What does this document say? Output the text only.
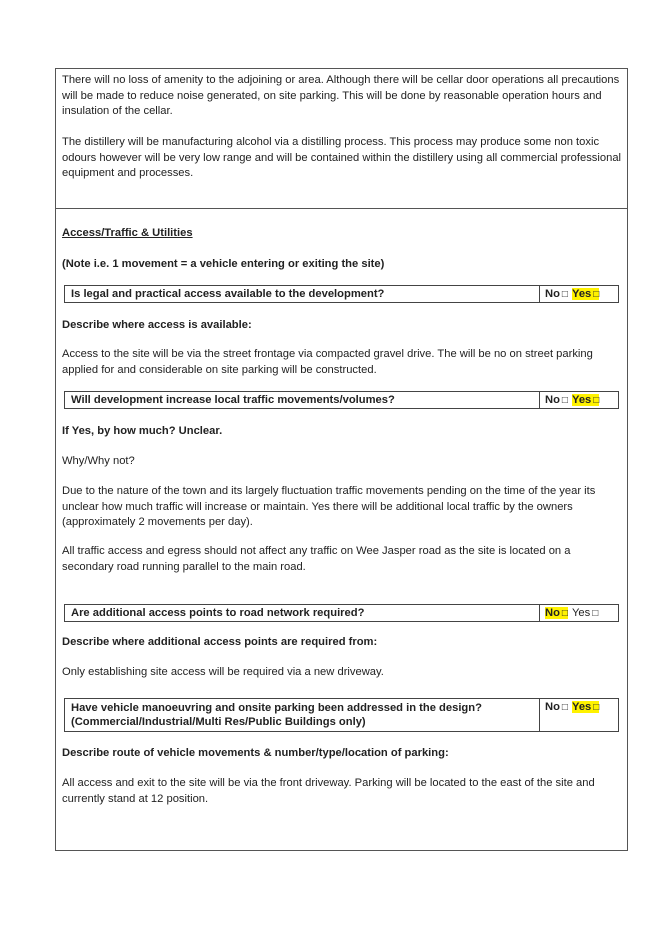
There will no loss of amenity to the adjoining or area. Although there will be cellar door operations all precautions will be made to reduce noise generated, on site parking. This will be done by reasonable operation hours and insulation of the cellar.

The distillery will be manufacturing alcohol via a distilling process. This process may produce some non toxic odours however will be very low range and will be contained within the distillery using all commercial professional equipment and processes.

Access/Traffic & Utilities

(Note i.e. 1 movement = a vehicle entering or exiting the site)

Is legal and practical access available to the development?	No □ Yes □

Describe where access is available:

Access to the site will be via the street frontage via compacted gravel drive. The will be no on street parking applied for and considerable on site parking will be constructed.

Will development increase local traffic movements/volumes?	No □ Yes □

If Yes, by how much? Unclear.

Why/Why not?

Due to the nature of the town and its largely fluctuation traffic movements pending on the time of the year its unclear how much traffic will increase or maintain. Yes there will be additional local traffic by the owners (approximately 2 movements per day).

All traffic access and egress should not affect any traffic on Wee Jasper road as the site is located on a secondary road running parallel to the main road.

Are additional access points to road network required?	No □ Yes □

Describe where additional access points are required from:

Only establishing site access will be required via a new driveway.

Have vehicle manoeuvring and onsite parking been addressed in the design?
(Commercial/Industrial/Multi Res/Public Buildings only)
No □ Yes □

Describe route of vehicle movements & number/type/location of parking:

All access and exit to the site will be via the front driveway. Parking will be located to the east of the site and currently stand at 12 position.
